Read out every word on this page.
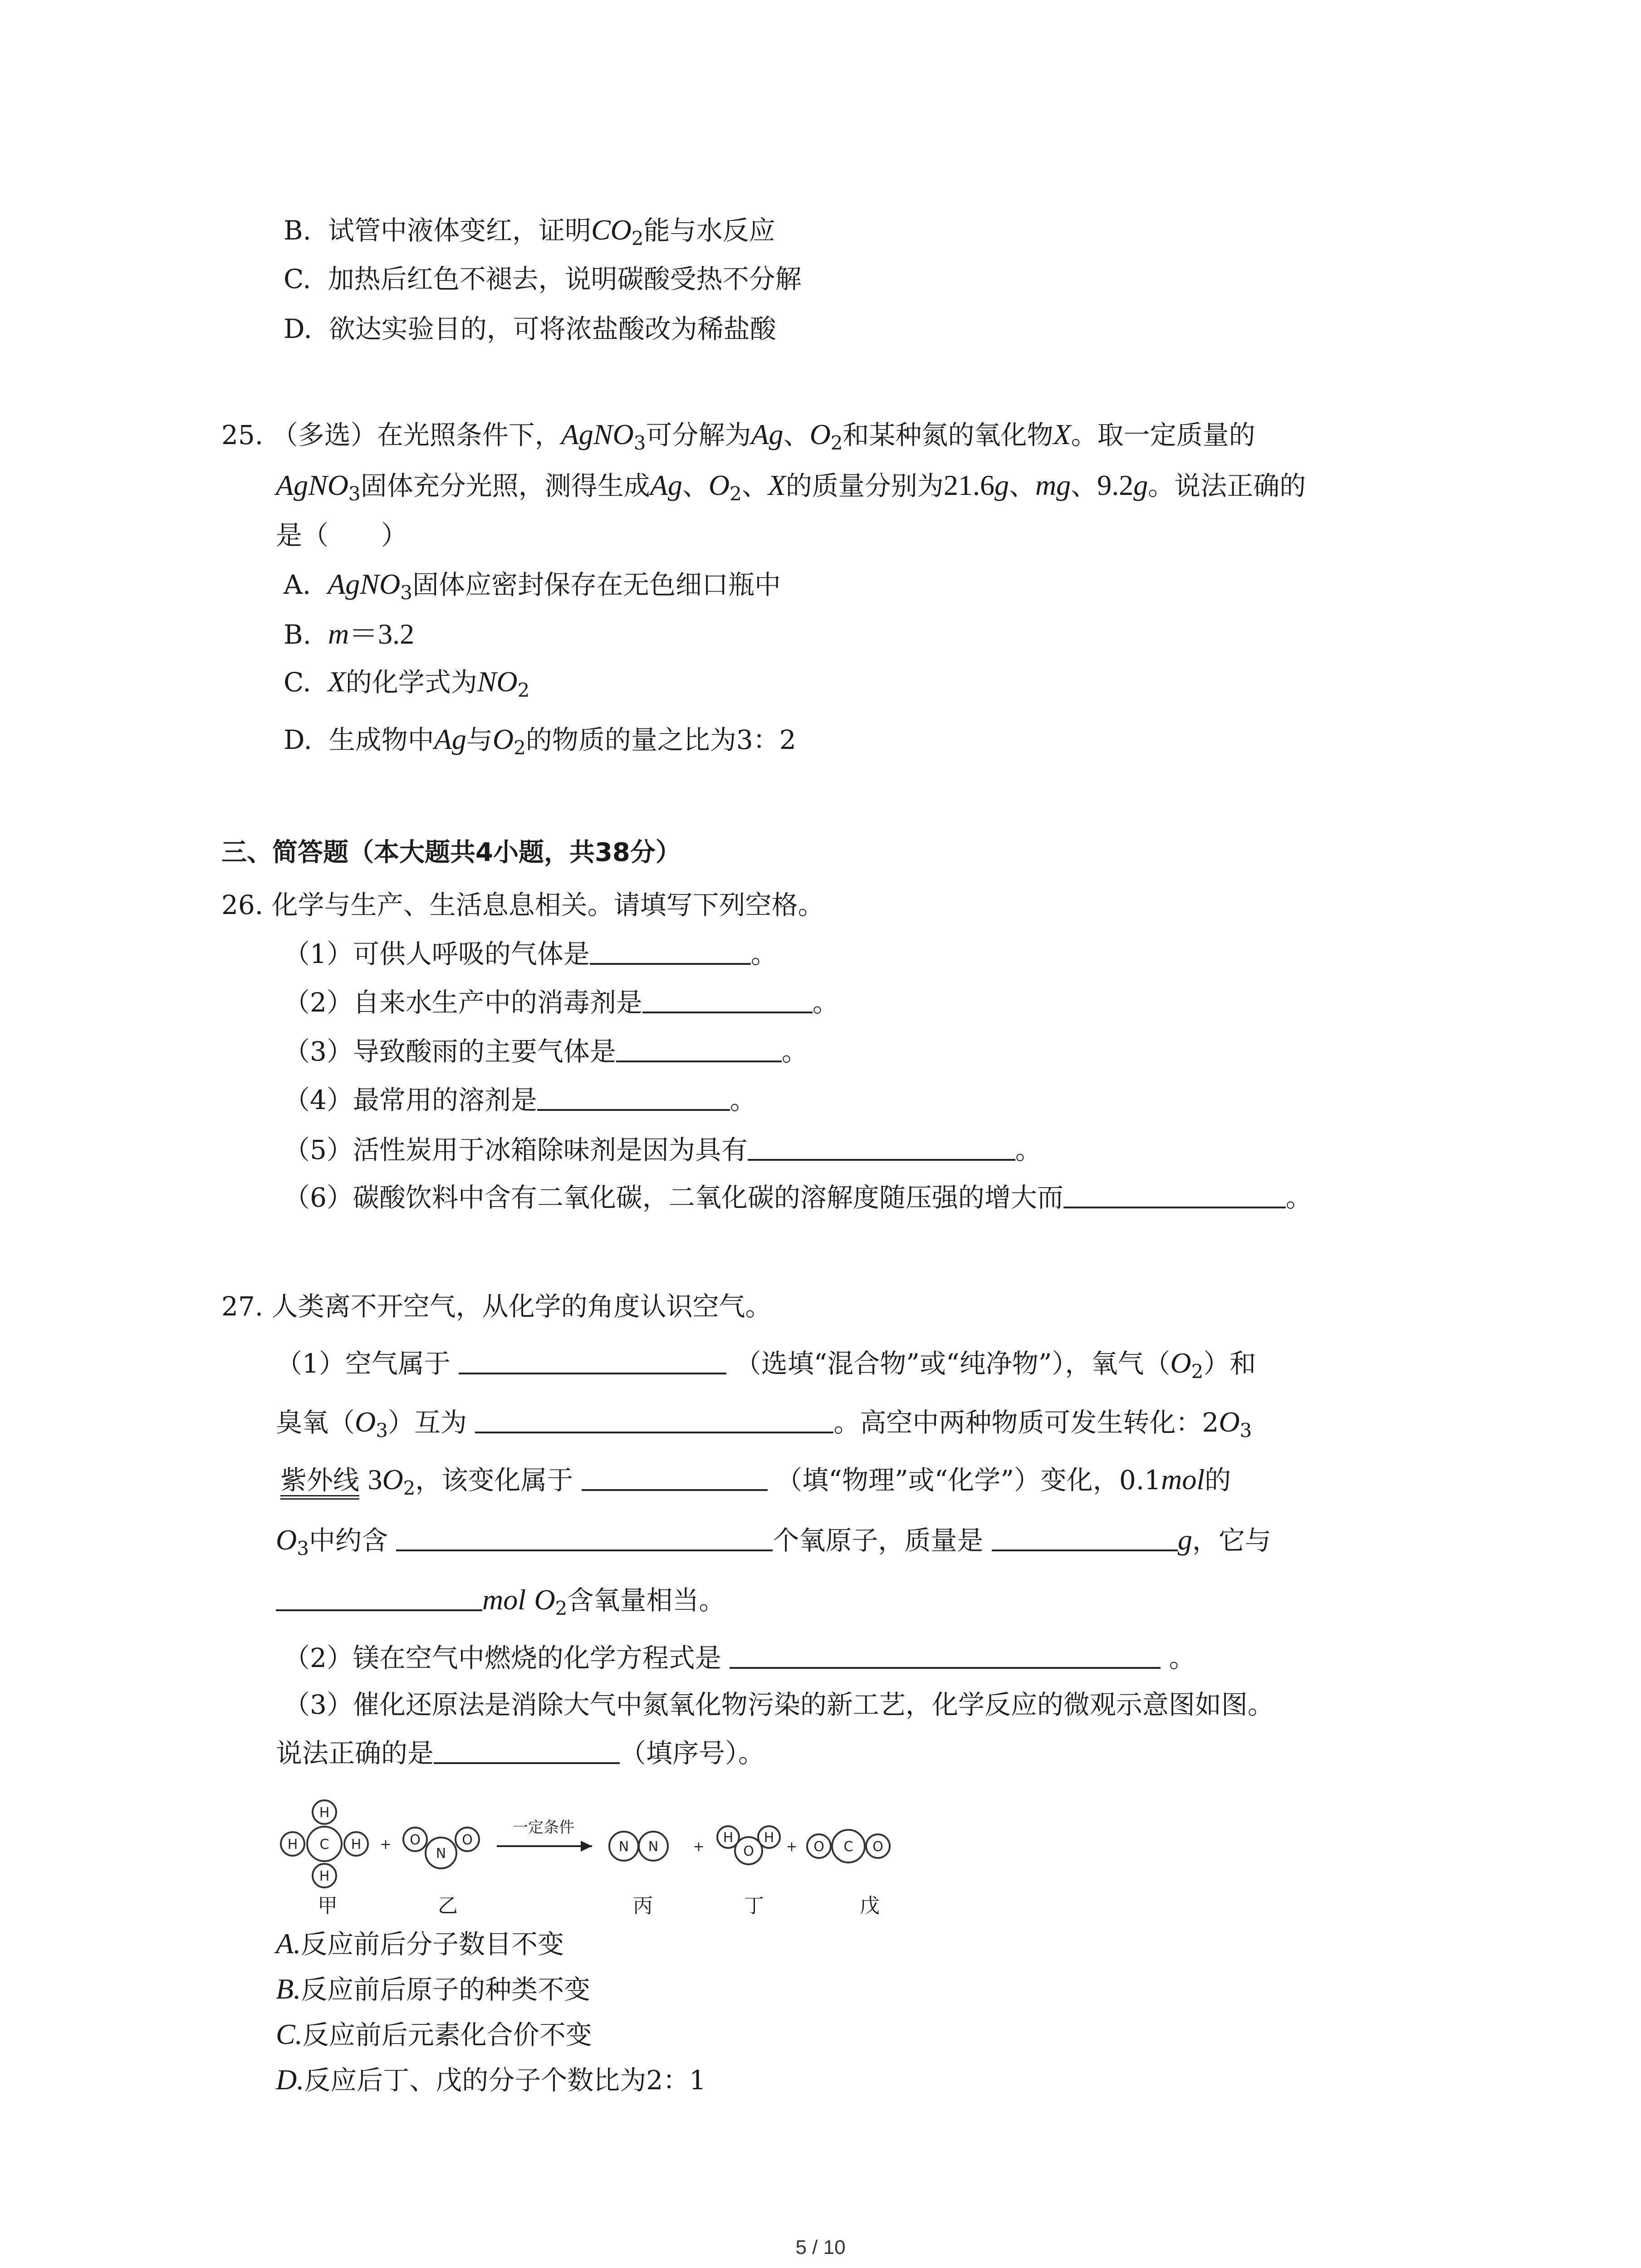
B. 试管中液体变红，证明$CO_2$能与水反应
C. 加热后红色不褪去，说明碳酸受热不分解
D. 欲达实验目的，可将浓盐酸改为稀盐酸
25. （多选）在光照条件下，AgNO$_3$可分解为Ag、$O_2$和某种氮的氧化物X。取一定质量的
AgNO$_3$固体充分光照，测得生成Ag、$O_2$、X的质量分别为21.6g、mg、9.2g。说法正确的
是（　　）
A. AgNO$_3$固体应密封保存在无色细口瓶中
B. m＝3.2
C. X的化学式为$NO_2$
D. 生成物中Ag与$O_2$的物质的量之比为3：2
三、简答题（本大题共4小题，共38分）
26. 化学与生产、生活息息相关。请填写下列空格。
（1）可供人呼吸的气体是	。
（2）自来水生产中的消毒剂是	。
（3）导致酸雨的主要气体是	。
（4）最常用的溶剂是	。
（5）活性炭用于冰箱除味剂是因为具有	。
（6）碳酸饮料中含有二氧化碳，二氧化碳的溶解度随压强的增大而	。
27. 人类离不开空气，从化学的角度认识空气。
（1）空气属于	（选填“混合物”或“纯净物”），氧气$(O_2)$和
臭氧$(O_3)$互为	。高空中两种物质可发生转化：$2O_3$
紫外线 $3O_2$，该变化属于	（填“物理”或“化学”）变化，0.1mol的
$O_3$中约含	个氧原子，质量是	g，它与
mol $O_2$含氧量相当。
（2）镁在空气中燃烧的化学方程式是	。
（3）催化还原法是消除大气中氮氧化物污染的新工艺，化学反应的微观示意图如图。
说法正确的是	（填序号）。
C
H
H
H	H + O	O
N
一定条件
N N	+
H H
O + O C O
甲	乙	丙	丁	戊
A.反应前后分子数目不变
B.反应前后原子的种类不变
C.反应前后元素化合价不变
D.反应后丁、戊的分子个数比为2：1
5 / 10
